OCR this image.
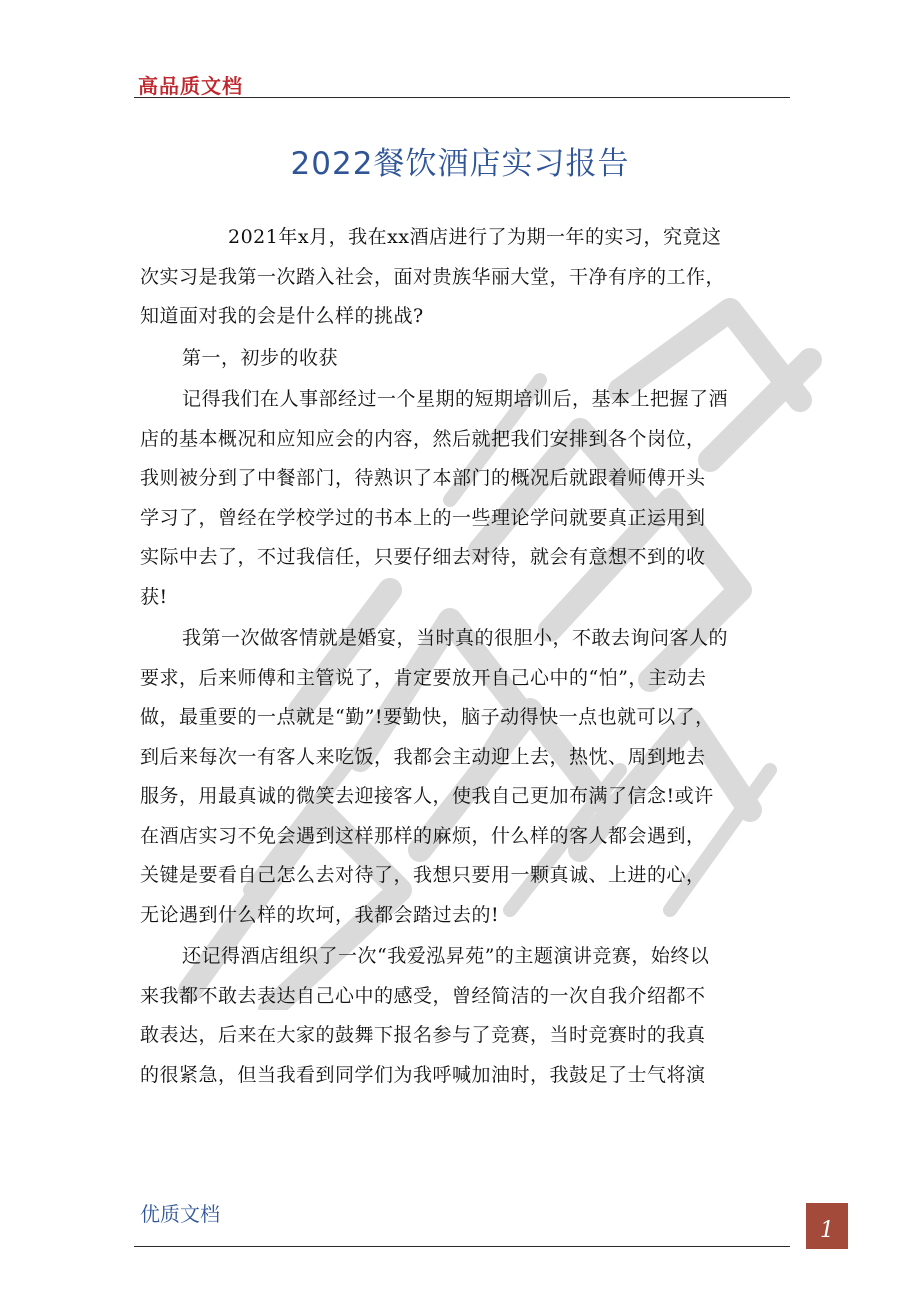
高品质文档
2022餐饮酒店实习报告
2021年x月，我在xx酒店进行了为期一年的实习，究竟这
次实习是我第一次踏入社会，面对贵族华丽大堂，干净有序的工作，
知道面对我的会是什么样的挑战?
第一，初步的收获
记得我们在人事部经过一个星期的短期培训后，基本上把握了酒
店的基本概况和应知应会的内容，然后就把我们安排到各个岗位，
我则被分到了中餐部门，待熟识了本部门的概况后就跟着师傅开头
学习了，曾经在学校学过的书本上的一些理论学问就要真正运用到
实际中去了，不过我信任，只要仔细去对待，就会有意想不到的收
获!
我第一次做客情就是婚宴，当时真的很胆小，不敢去询问客人的
要求，后来师傅和主管说了，肯定要放开自己心中的“怕”，主动去
做，最重要的一点就是“勤”!要勤快，脑子动得快一点也就可以了，
到后来每次一有客人来吃饭，我都会主动迎上去，热忱、周到地去
服务，用最真诚的微笑去迎接客人，使我自己更加布满了信念!或许
在酒店实习不免会遇到这样那样的麻烦，什么样的客人都会遇到，
关键是要看自己怎么去对待了，我想只要用一颗真诚、上进的心，
无论遇到什么样的坎坷，我都会踏过去的!
还记得酒店组织了一次“我爱泓昇苑”的主题演讲竞赛，始终以
来我都不敢去表达自己心中的感受，曾经简洁的一次自我介绍都不
敢表达，后来在大家的鼓舞下报名参与了竞赛，当时竞赛时的我真
的很紧急，但当我看到同学们为我呼喊加油时，我鼓足了士气将演
优质文档
1
